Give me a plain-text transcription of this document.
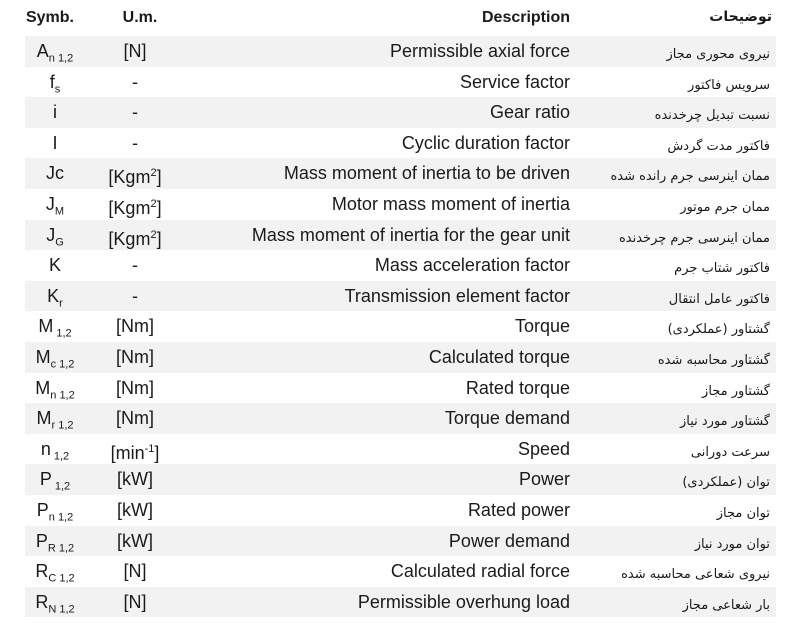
Symb.	U.m.	Description	توضیحات
$A_{n 1,2}$	[N]	Permissible axial force	نیروی محوری مجاز
$f_s$	-	Service factor	سرویس فاکتور
i	-	Gear ratio	نسبت تبدیل چرخدنده
I	-	Cyclic duration factor	فاکتور مدت گردش
Jc	[Kgm$^2$]	Mass moment of inertia to be driven	ممان اینرسی جرم رانده شده
$J_M$	[Kgm$^2$]	Motor mass moment of inertia	ممان جرم موتور
$J_G$	[Kgm$^2$]	Mass moment of inertia for the gear unit	ممان اینرسی جرم چرخدنده
K	-	Mass acceleration factor	فاکتور شتاب جرم
$K_r$	-	Transmission element factor	فاکتور عامل انتقال
M $_{1,2}$	[Nm]	Torque	گشتاور (عملکردی)
$M_{c 1,2}$	[Nm]	Calculated torque	گشتاور محاسبه شده
$M_{n 1,2}$	[Nm]	Rated torque	گشتاور مجاز
$M_{r 1,2}$	[Nm]	Torque demand	گشتاور مورد نیاز
n $_{1,2}$	$[\min^{-1}]$	Speed	سرعت دورانی
P $_{1,2}$	[kW]	Power	توان (عملکردی)
$P_{n 1,2}$	[kW]	Rated power	توان مجاز
$P_{R 1,2}$	[kW]	Power demand	توان مورد نیاز
$R_{C 1,2}$	[N]	Calculated radial force	نیروی شعاعی محاسبه شده
$R_{N 1,2}$	[N]	Permissible overhung load	بار شعاعی مجاز
